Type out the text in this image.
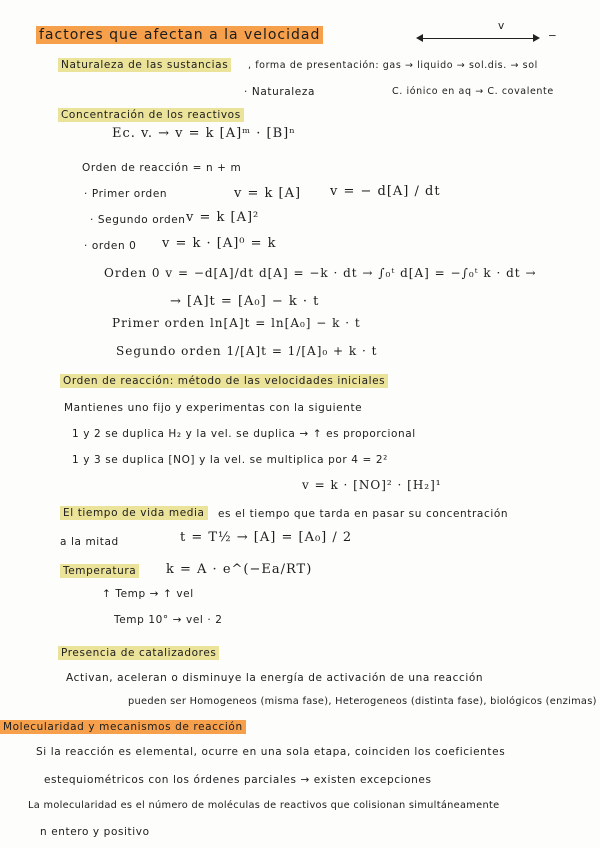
factores que afectan a la velocidad
v
−
Naturaleza de las sustancias	, forma de presentación: gas → liquido → sol.dis. → sol
· Naturaleza	C. iónico en aq → C. covalente
Concentración de los reactivos
Ec. v. → v = k [A]ᵐ · [B]ⁿ
Orden de reacción = n + m
· Primer orden	v = k [A] v = − d[A] / dt
· Segundo orden v = k [A]²
· orden 0 v = k · [A]⁰ = k
Orden 0 v = −d[A]/dt d[A] = −k · dt → ∫₀ᵗ d[A] = −∫₀ᵗ k · dt →
→ [A]t = [A₀] − k · t
Primer orden ln[A]t = ln[A₀] − k · t
Segundo orden 1/[A]t = 1/[A]₀ + k · t
Orden de reacción: método de las velocidades iniciales
Mantienes uno fijo y experimentas con la siguiente
1 y 2 se duplica H₂ y la vel. se duplica → ↑ es proporcional
1 y 3 se duplica [NO] y la vel. se multiplica por 4 = 2²
v = k · [NO]² · [H₂]¹
El tiempo de vida media es el tiempo que tarda en pasar su concentración
a la mitad	t = T½ → [A] = [A₀] / 2
Temperatura k = A · e^(−Ea/RT)
↑ Temp → ↑ vel
Temp 10° → vel · 2
Presencia de catalizadores
Activan, aceleran o disminuye la energía de activación de una reacción
pueden ser Homogeneos (misma fase), Heterogeneos (distinta fase), biológicos (enzimas)
Molecularidad y mecanismos de reacción
Si la reacción es elemental, ocurre en una sola etapa, coinciden los coeficientes
estequiométricos con los órdenes parciales → existen excepciones
La molecularidad es el número de moléculas de reactivos que colisionan simultáneamente
n entero y positivo
